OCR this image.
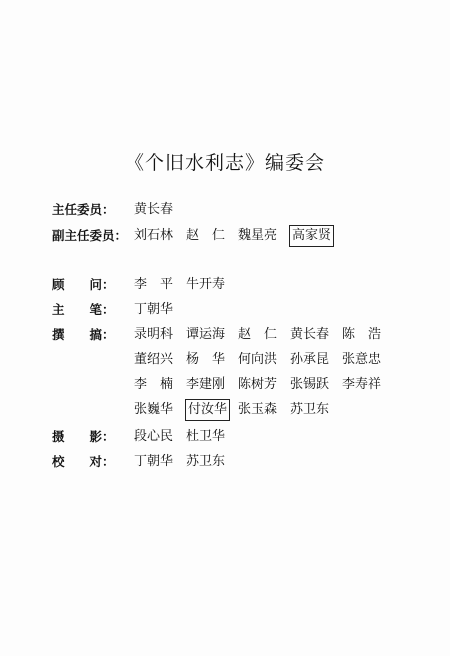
《个旧水利志》编委会
主任委员：	黄长春
副主任委员： 刘石林 赵　仁 魏星亮 高家贤
顾　　问：	李　平 牛开寿
主　　笔：	丁朝华
撰　　搞：	录明科 谭运海 赵　仁 黄长春 陈　浩
董绍兴 杨　华 何向洪 孙承昆 张意忠
李　楠 李建刚 陈树芳 张锡跃 李寿祥
张巍华 付汝华 张玉森 苏卫东
摄　　影：	段心民 杜卫华
校　　对：	丁朝华 苏卫东
